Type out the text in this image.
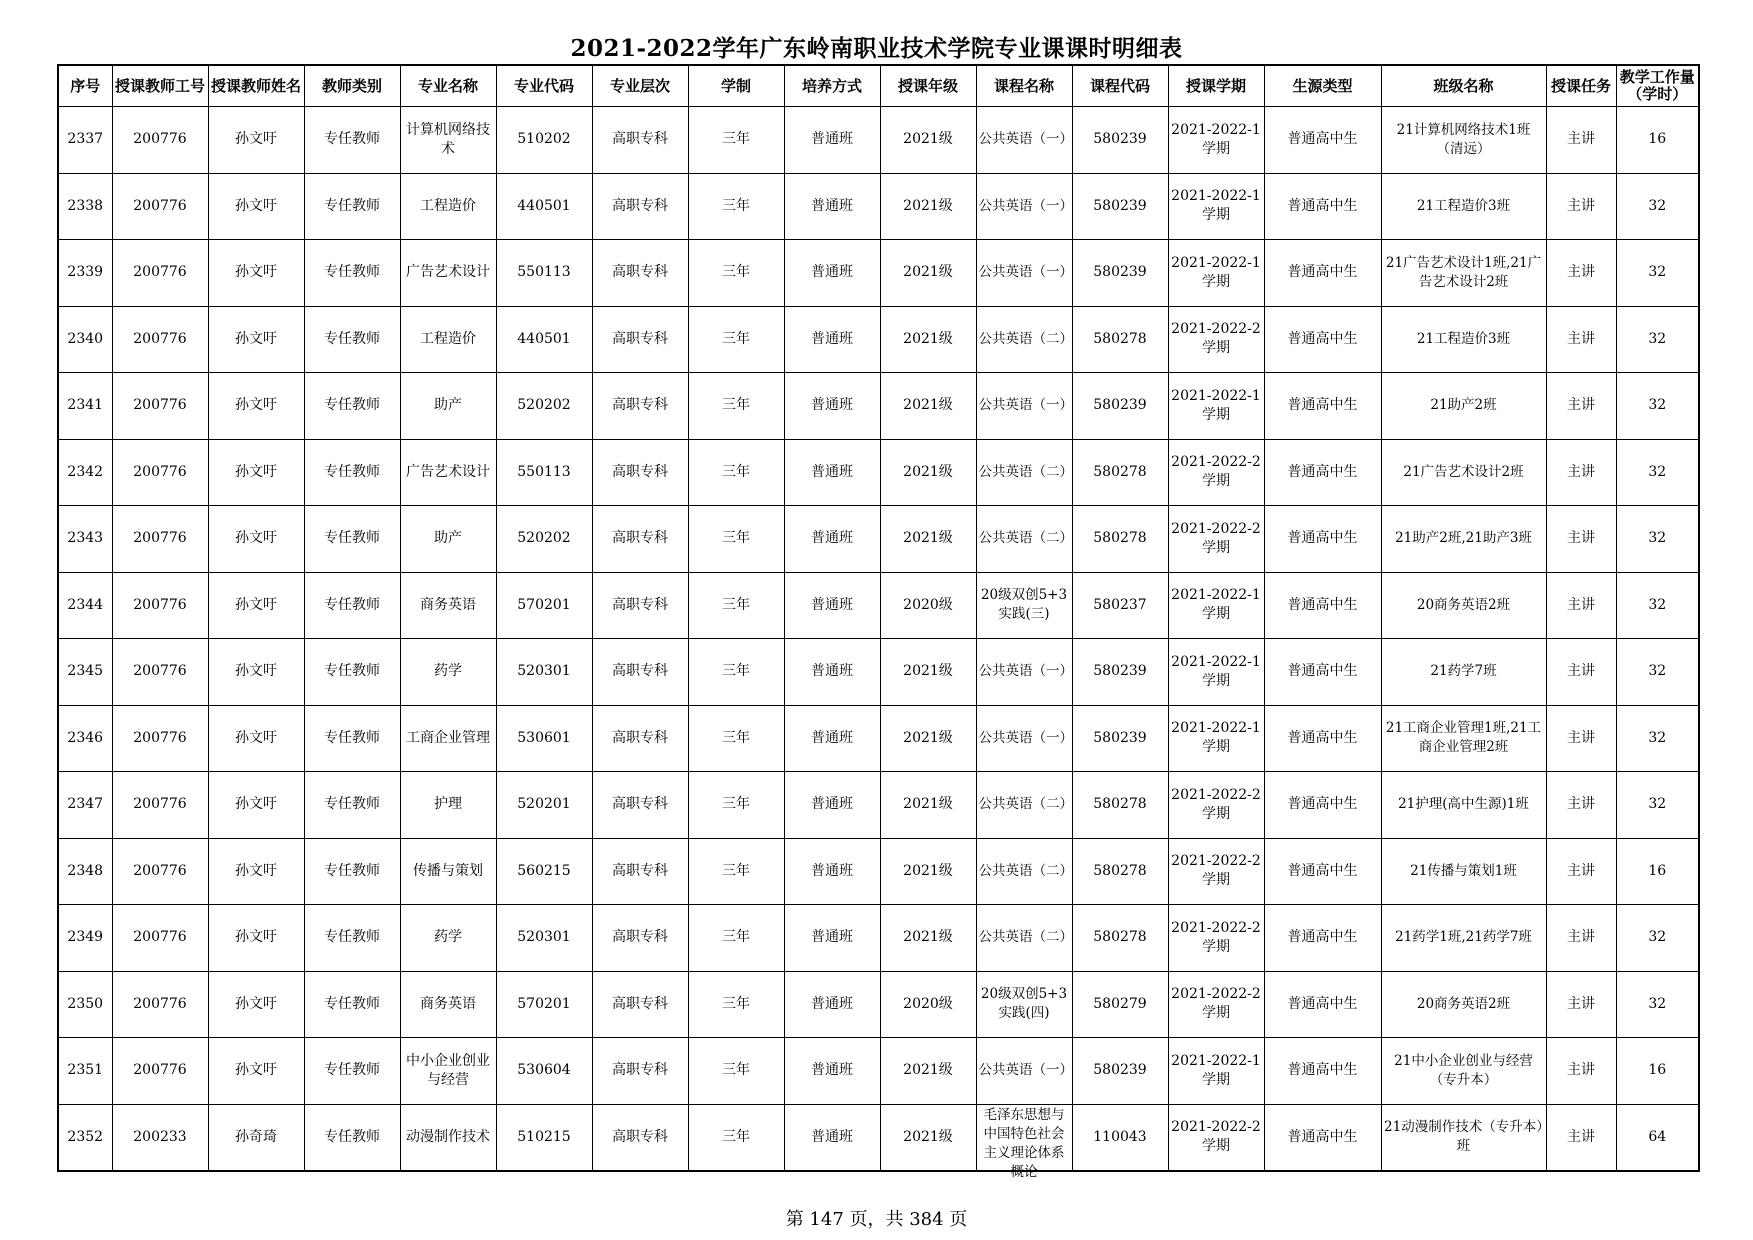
2021-2022学年广东岭南职业技术学院专业课课时明细表
序号	授课教师工号	授课教师姓名	教师类别	专业名称	专业代码	专业层次	学制	培养方式	授课年级	课程名称	课程代码	授课学期	生源类型	班级名称	授课任务	教学工作量（学时）

2337	200776	孙文吁	专任教师	计算机网络技术	510202	高职专科	三年	普通班	2021级	公共英语（一）	580239	2021-2022-1学期	普通高中生	21计算机网络技术1班（清远）	主讲	16

2338	200776	孙文吁	专任教师	工程造价	440501	高职专科	三年	普通班	2021级	公共英语（一）	580239	2021-2022-1学期	普通高中生	21工程造价3班	主讲	32

2339	200776	孙文吁	专任教师	广告艺术设计	550113	高职专科	三年	普通班	2021级	公共英语（一）	580239	2021-2022-1学期	普通高中生	21广告艺术设计1班,21广告艺术设计2班	主讲	32

2340	200776	孙文吁	专任教师	工程造价	440501	高职专科	三年	普通班	2021级	公共英语（二）	580278	2021-2022-2学期	普通高中生	21工程造价3班	主讲	32

2341	200776	孙文吁	专任教师	助产	520202	高职专科	三年	普通班	2021级	公共英语（一）	580239	2021-2022-1学期	普通高中生	21助产2班	主讲	32

2342	200776	孙文吁	专任教师	广告艺术设计	550113	高职专科	三年	普通班	2021级	公共英语（二）	580278	2021-2022-2学期	普通高中生	21广告艺术设计2班	主讲	32

2343	200776	孙文吁	专任教师	助产	520202	高职专科	三年	普通班	2021级	公共英语（二）	580278	2021-2022-2学期	普通高中生	21助产2班,21助产3班	主讲	32

2344	200776	孙文吁	专任教师	商务英语	570201	高职专科	三年	普通班	2020级	20级双创5+3实践(三)	580237	2021-2022-1学期	普通高中生	20商务英语2班	主讲	32

2345	200776	孙文吁	专任教师	药学	520301	高职专科	三年	普通班	2021级	公共英语（一）	580239	2021-2022-1学期	普通高中生	21药学7班	主讲	32

2346	200776	孙文吁	专任教师	工商企业管理	530601	高职专科	三年	普通班	2021级	公共英语（一）	580239	2021-2022-1学期	普通高中生	21工商企业管理1班,21工商企业管理2班	主讲	32

2347	200776	孙文吁	专任教师	护理	520201	高职专科	三年	普通班	2021级	公共英语（二）	580278	2021-2022-2学期	普通高中生	21护理(高中生源)1班	主讲	32

2348	200776	孙文吁	专任教师	传播与策划	560215	高职专科	三年	普通班	2021级	公共英语（二）	580278	2021-2022-2学期	普通高中生	21传播与策划1班	主讲	16

2349	200776	孙文吁	专任教师	药学	520301	高职专科	三年	普通班	2021级	公共英语（二）	580278	2021-2022-2学期	普通高中生	21药学1班,21药学7班	主讲	32

2350	200776	孙文吁	专任教师	商务英语	570201	高职专科	三年	普通班	2020级	20级双创5+3实践(四)	580279	2021-2022-2学期	普通高中生	20商务英语2班	主讲	32

2351	200776	孙文吁	专任教师	中小企业创业与经营	530604	高职专科	三年	普通班	2021级	公共英语（一）	580239	2021-2022-1学期	普通高中生	21中小企业创业与经营（专升本）	主讲	16

2352	200233	孙奇琦	专任教师	动漫制作技术	510215	高职专科	三年	普通班	2021级	毛泽东思想与中国特色社会主义理论体系概论	110043	2021-2022-2学期	普通高中生	21动漫制作技术（专升本）班	主讲	64
第 147 页，共 384 页
